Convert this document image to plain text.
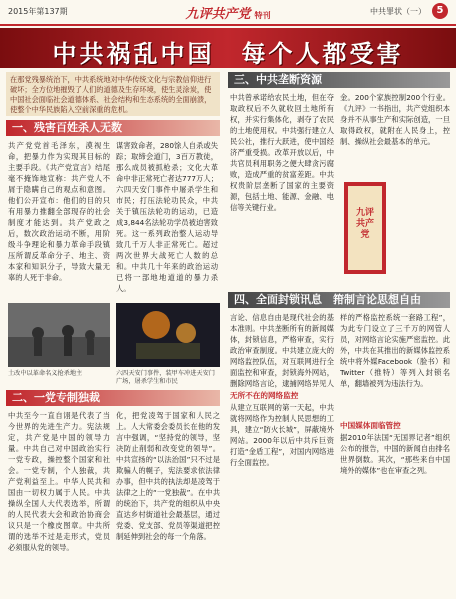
2015年第137期	九评共产党 特刊	中共罪状（一）	5
中共祸乱中国　每个人都受害
在那党残暴统治下，中共系统地对中华传统文化与宗教信仰进行破坏；全方位地摧毁了人们的道德及生存环境，使生灵涂炭，使中国社会面临社会道德体系、社会结构和生态系统的全面崩溃，使整个中华民族陷入空前深重的危机。
一、残害百姓杀人无数
共产党党首毛泽东，漠视生命，把暴力作为实现其目标的主要手段。《共产党宣言》结尾毫不掩饰地宣称：共产党人不屑于隐瞒自己的观点和意图。他们公开宣布：他们的目的只有用暴力推翻全部现存的社会制度才能达到。共产党政之后，数次政治运动不断，用阶级斗争理论和暴力革命手段镇压所谓反革命分子、地主、资本家和知识分子，导致大量无辜的人死于非命。
谋害致命者，280馀人自杀或失踪；取缔会道门，3百万教徒，那么成员被抓枪杀；文化大革命中非正常死亡者达777万人；六四天安门事件中屠杀学生和市民；打压法轮功民众，中共关于镇压法轮功的运动，已造成3,844名法轮功学员被迫害致死。这一系列政治整人运动导致几千万人非正常死亡。超过两次世界大战死亡人数的总和。中共几十年来的政治运动已将一部地地道道的暴力杀人。
土改中以革命名义抢杀地主	六四天安门事件，装甲车冲进天安门广场，屠杀学生和市民
二、一党专制独裁
中共至今一直自诩是代表了当今世界的先进生产力。宪法规定，共产党是中国的领导力量。中共自己对中国政治实行一党专政，操控整个国家和社会。一党专制，个人独裁，共产党利益至上。中华人民共和国由一切权力属于人民。中共操纵全国人大代表选举，所谓的人民代表大会和政治协商会议只是一个橡皮图章。中共所谓的选举不过是走形式，党员必须服从党的领导。
化，把党凌驾于国家和人民之上。人大常委会委员长在他的发言中强调，“坚持党的领导，坚决防止削弱和改变党的领导”。中共宣扬的“以法治国”只不过是欺骗人的幌子，宪法要求依法律办事，但中共的执法却是凌驾于法律之上的“一党独裁”。在中共的统治下，共产党的组织从中央直达乡村街道社会最基层，通过党委、党支部、党员等渠道把控制延伸到社会的每一个角落。
三、中共垄断资源
中共曾承诺给农民土地，但在夺取政权后不久就收回土地所有权，并实行集体化，剥夺了农民的土地使用权。中共强行建立人民公社，推行大跃进，使中国经济严重受损。改革开放以后，中共官员利用职务之便大肆贪污腐败，造成严重的贫富差距。中共权贵阶层垄断了国家的主要资源，包括土地、能源、金融、电信等关键行业。
金。200个家族控制200个行业。《九评》一书指出，共产党组织本身并不从事生产和实际创造，一旦取得政权，就附在人民身上，控制、操纵社会最基本的单元。
九评共产党
四、全面封锁讯息　箝制言论思想自由
言论、信息自由是现代社会的基本准则。中共垄断所有的新闻媒体，封锁信息，严格审查，实行政治审查制度。中共建立庞大的网络监控队伍，对互联网进行全面监控和审查，封锁海外网站，删除网络言论，逮捕网络异见人
无所不在的网络监控
从建立互联网的第一天起，中共就将网络作为控制人民思想的工具，建立“防火长城”，屏蔽境外网站。2000年以后中共斥巨资打造“金盾工程”，对国内网络进行全面监控。
样的严格监控系统一套路工程”，为此专门设立了三千万的网管人员，对网络言论实施严密监控。此外，中共在其推出的新媒体监控系统中将外媒Facebook（脸书）和Twitter（推特）等列入封锁名单，翻墙被列为违法行为。
中国媒体面临管控
据2010年法国“无国界记者”组织公布的报告，中国的新闻自由排名世界倒数。其次，“那些来自中国境外的媒体”也在审查之列。
